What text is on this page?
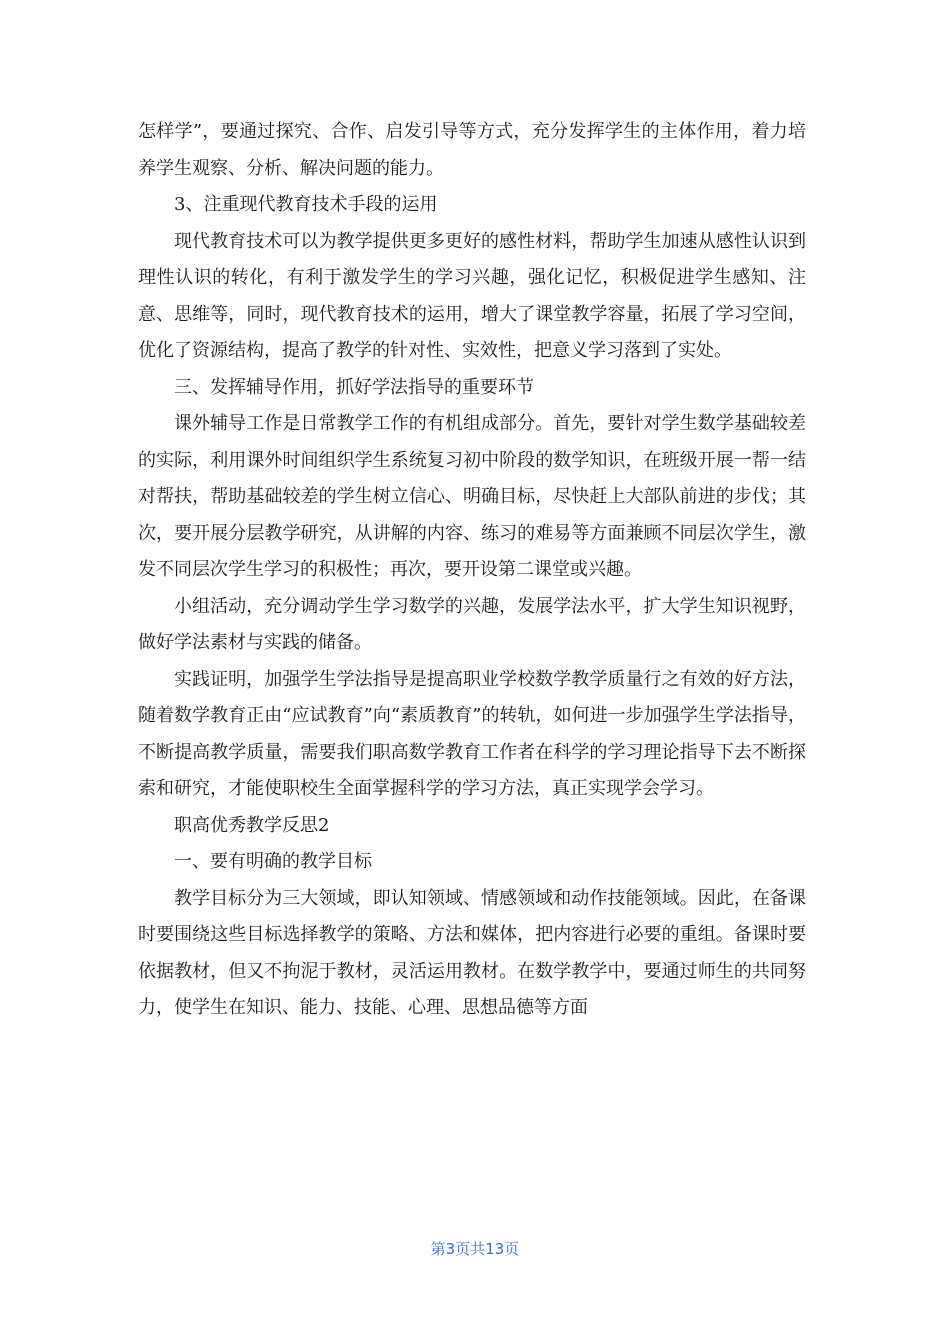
怎样学”，要通过探究、合作、启发引导等方式，充分发挥学生的主体作用，着力培养学生观察、分析、解决问题的能力。

3、注重现代教育技术手段的运用

现代教育技术可以为教学提供更多更好的感性材料，帮助学生加速从感性认识到理性认识的转化，有利于激发学生的学习兴趣，强化记忆，积极促进学生感知、注意、思维等，同时，现代教育技术的运用，增大了课堂教学容量，拓展了学习空间，优化了资源结构，提高了教学的针对性、实效性，把意义学习落到了实处。

三、发挥辅导作用，抓好学法指导的重要环节

课外辅导工作是日常教学工作的有机组成部分。首先，要针对学生数学基础较差的实际，利用课外时间组织学生系统复习初中阶段的数学知识，在班级开展一帮一结对帮扶，帮助基础较差的学生树立信心、明确目标，尽快赶上大部队前进的步伐；其次，要开展分层教学研究，从讲解的内容、练习的难易等方面兼顾不同层次学生，激发不同层次学生学习的积极性；再次，要开设第二课堂或兴趣。

小组活动，充分调动学生学习数学的兴趣，发展学法水平，扩大学生知识视野，做好学法素材与实践的储备。

实践证明，加强学生学法指导是提高职业学校数学教学质量行之有效的好方法，随着数学教育正由“应试教育”向“素质教育”的转轨，如何进一步加强学生学法指导，不断提高教学质量，需要我们职高数学教育工作者在科学的学习理论指导下去不断探索和研究，才能使职校生全面掌握科学的学习方法，真正实现学会学习。

职高优秀教学反思2

一、要有明确的教学目标

教学目标分为三大领域，即认知领域、情感领域和动作技能领域。因此，在备课时要围绕这些目标选择教学的策略、方法和媒体，把内容进行必要的重组。备课时要依据教材，但又不拘泥于教材，灵活运用教材。在数学教学中，要通过师生的共同努力，使学生在知识、能力、技能、心理、思想品德等方面

第3页共13页
